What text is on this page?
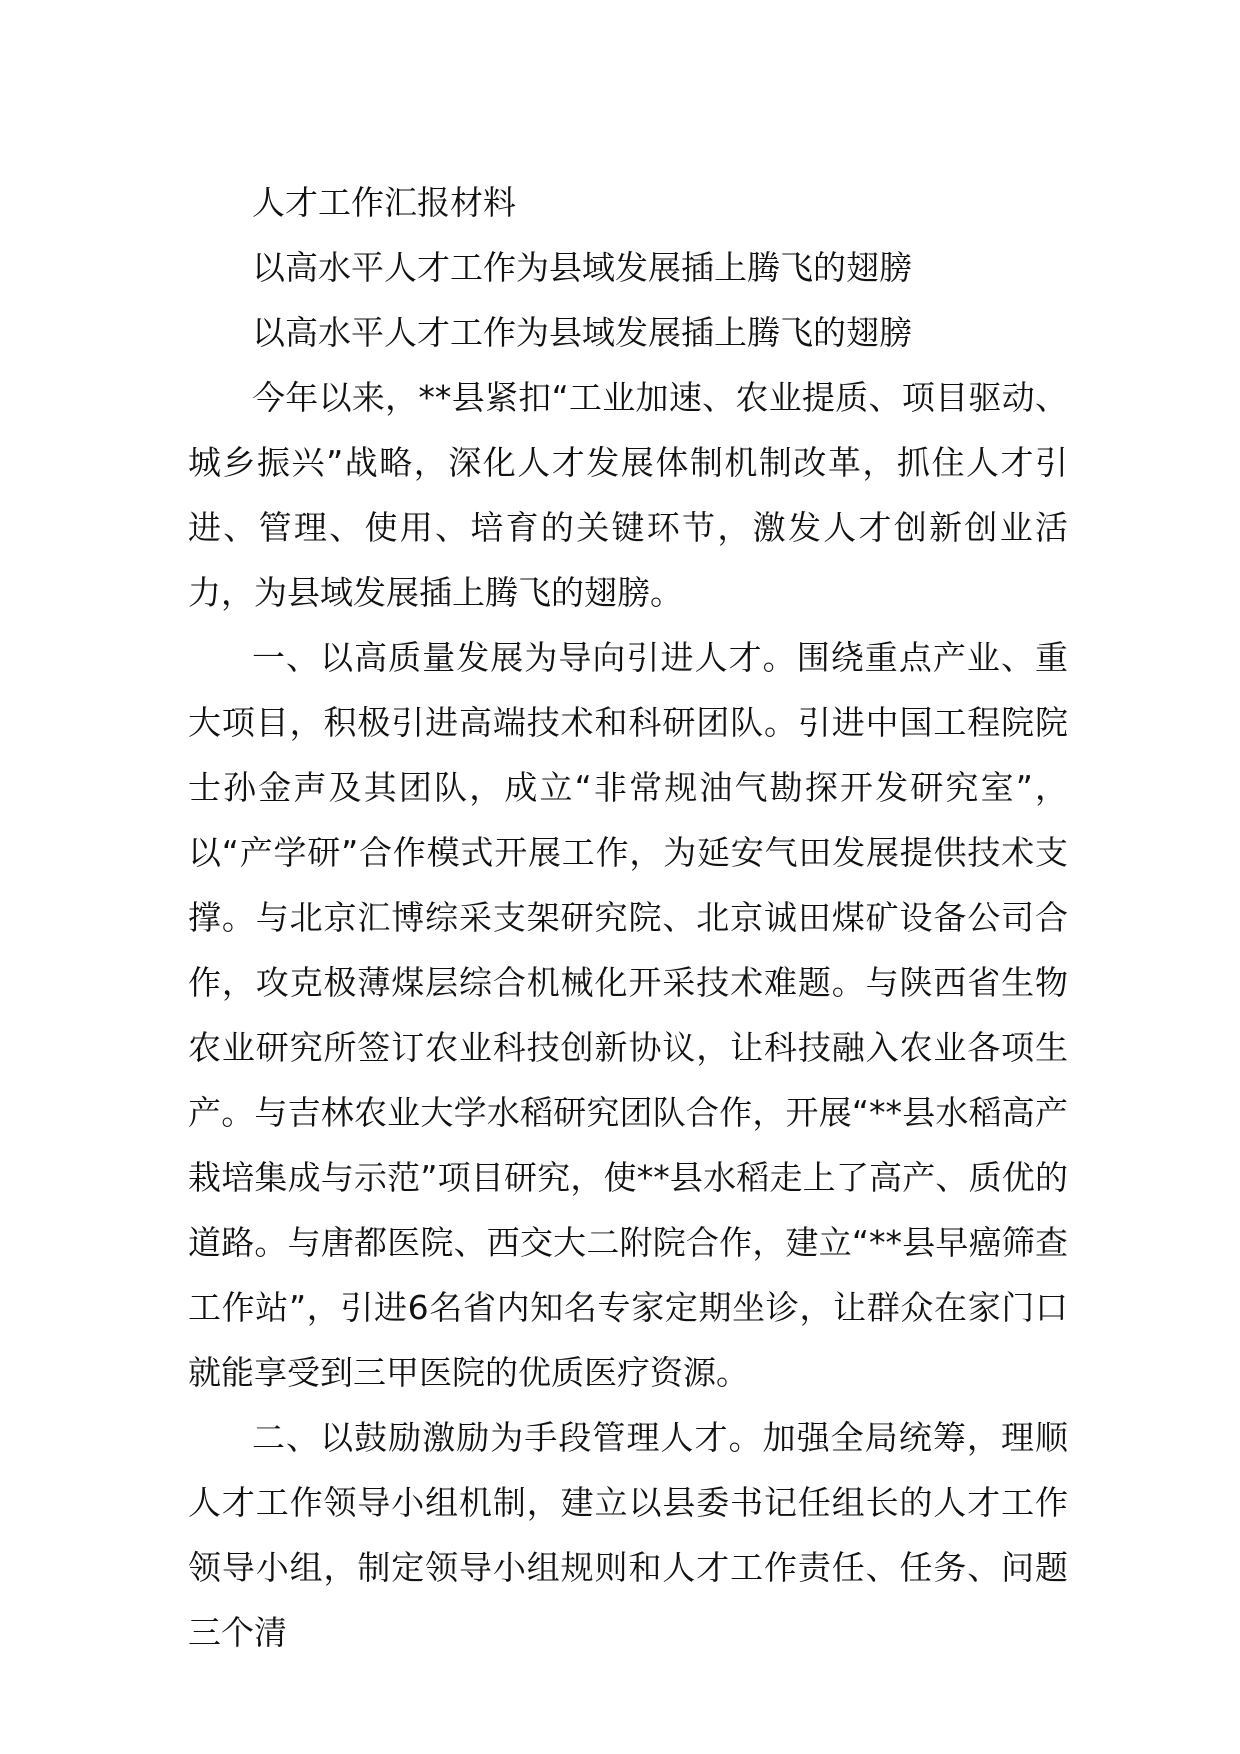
人才工作汇报材料

以高水平人才工作为县域发展插上腾飞的翅膀

以高水平人才工作为县域发展插上腾飞的翅膀

今年以来，**县紧扣“工业加速、农业提质、项目驱动、城乡振兴”战略，深化人才发展体制机制改革，抓住人才引进、管理、使用、培育的关键环节，激发人才创新创业活力，为县域发展插上腾飞的翅膀。

一、以高质量发展为导向引进人才。围绕重点产业、重大项目，积极引进高端技术和科研团队。引进中国工程院院士孙金声及其团队，成立“非常规油气勘探开发研究室”，以“产学研”合作模式开展工作，为延安气田发展提供技术支撑。与北京汇博综采支架研究院、北京诚田煤矿设备公司合作，攻克极薄煤层综合机械化开采技术难题。与陕西省生物农业研究所签订农业科技创新协议，让科技融入农业各项生产。与吉林农业大学水稻研究团队合作，开展“**县水稻高产栽培集成与示范”项目研究，使**县水稻走上了高产、质优的道路。与唐都医院、西交大二附院合作，建立“**县早癌筛查工作站”，引进6名省内知名专家定期坐诊，让群众在家门口就能享受到三甲医院的优质医疗资源。

二、以鼓励激励为手段管理人才。加强全局统筹，理顺人才工作领导小组机制，建立以县委书记任组长的人才工作领导小组，制定领导小组规则和人才工作责任、任务、问题三个清
